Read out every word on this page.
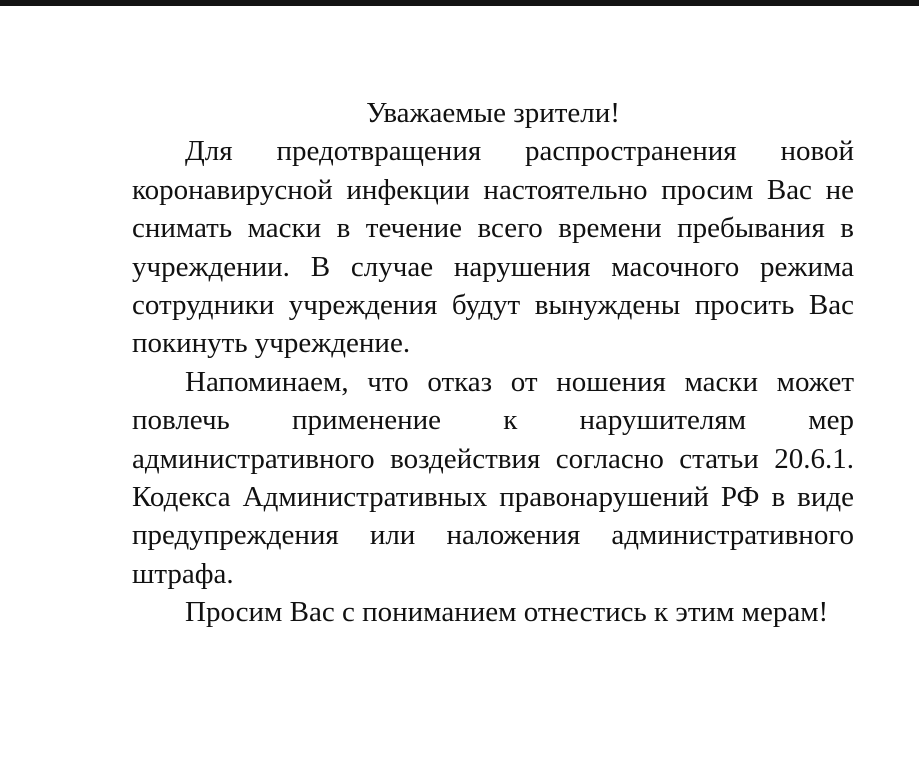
Уважаемые зрители!

Для предотвращения распространения новой коронавирусной инфекции настоятельно просим Вас не снимать маски в течение всего времени пребывания в учреждении. В случае нарушения масочного режима сотрудники учреждения будут вынуждены просить Вас покинуть учреждение.

Напоминаем, что отказ от ношения маски может повлечь применение к нарушителям мер административного воздействия согласно статьи 20.6.1. Кодекса Административных правонарушений РФ в виде предупреждения или наложения административного штрафа.

Просим Вас с пониманием отнестись к этим мерам!
